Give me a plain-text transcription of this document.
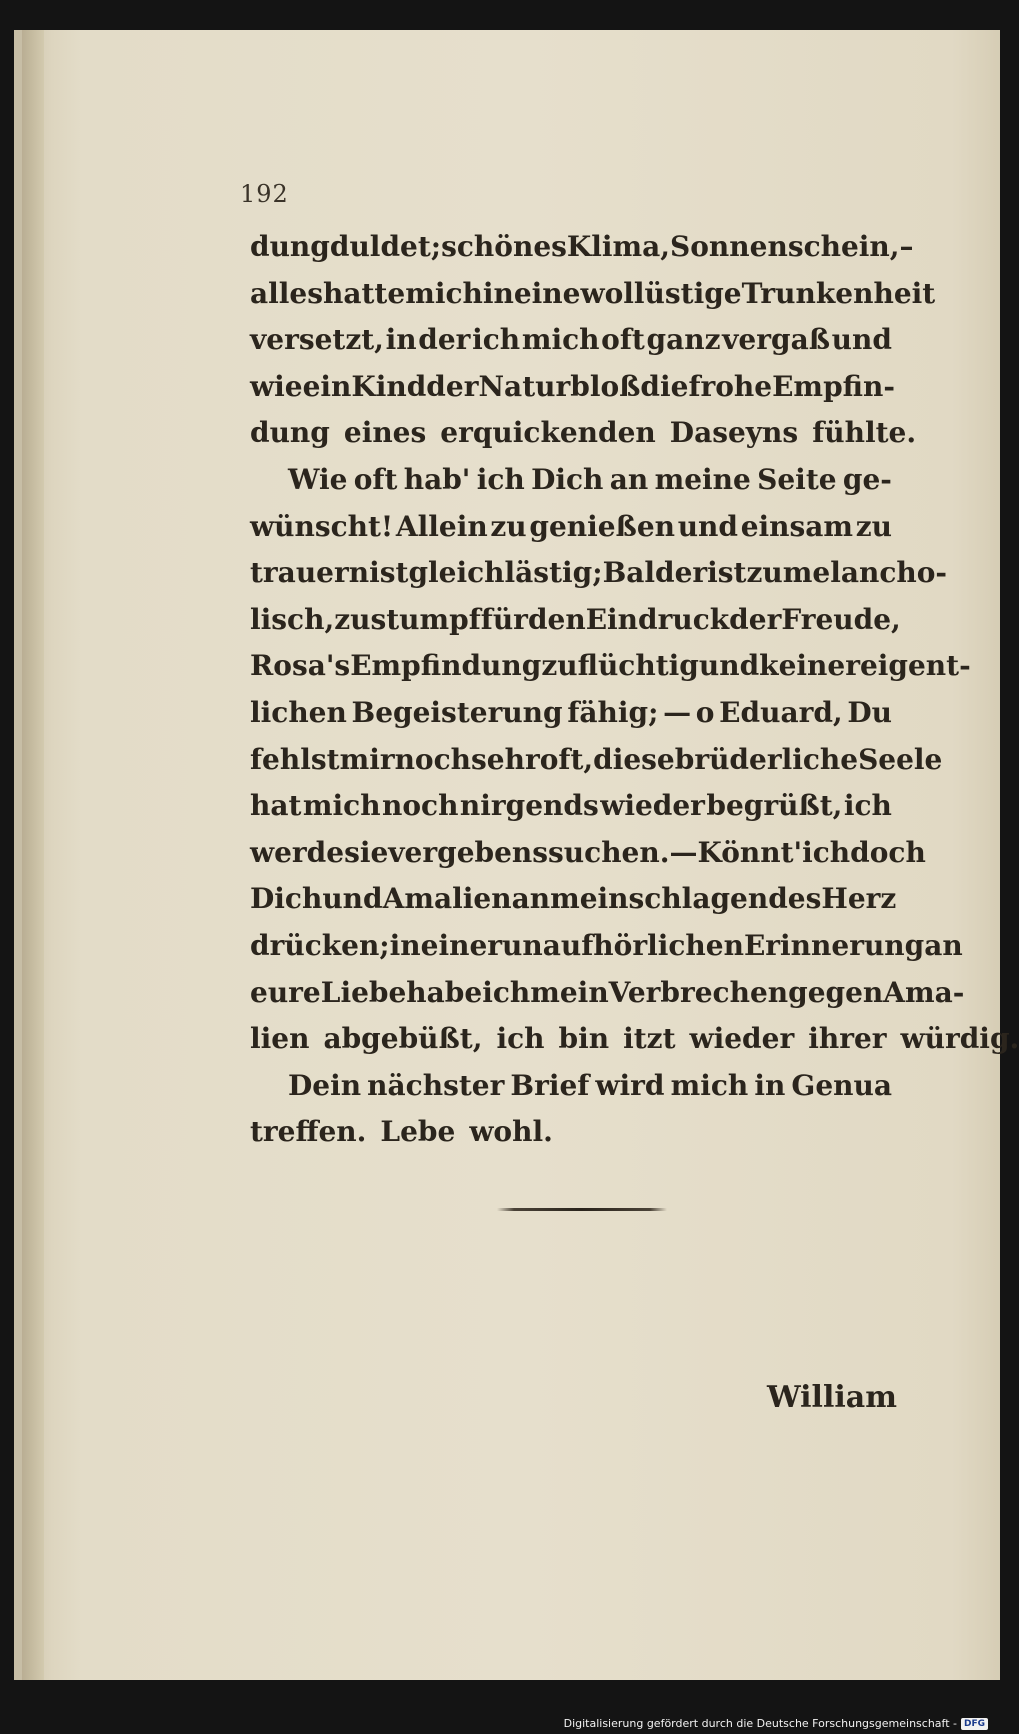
192
dung duldet; schönes Klima, Sonnenschein, –
alles hatte mich in eine wollüstige Trunkenheit
versetzt, in der ich mich oft ganz vergaß und
wie ein Kind der Natur bloß die frohe Empfin-
dung eines erquickenden Daseyns fühlte.
Wie oft hab' ich Dich an meine Seite ge-
wünscht! Allein zu genießen und einsam zu
trauern ist gleich lästig; Balder ist zu melancho-
lisch, zu stumpf für den Eindruck der Freude,
Rosa's Empfindung zu flüchtig und keiner eigent-
lichen Begeisterung fähig; — o Eduard, Du
fehlst mir noch sehr oft, diese brüderliche Seele
hat mich noch nirgends wieder begrüßt, ich
werde sie vergebens suchen. — Könnt' ich doch
Dich und Amalien an mein schlagendes Herz
drücken; in einer unaufhörlichen Erinnerung an
eure Liebe habe ich mein Verbrechen gegen Ama-
lien abgebüßt, ich bin itzt wieder ihrer würdig.
Dein nächster Brief wird mich in Genua
treffen. Lebe wohl.
William
Digitalisierung gefördert durch die Deutsche Forschungsgemeinschaft - DFG
